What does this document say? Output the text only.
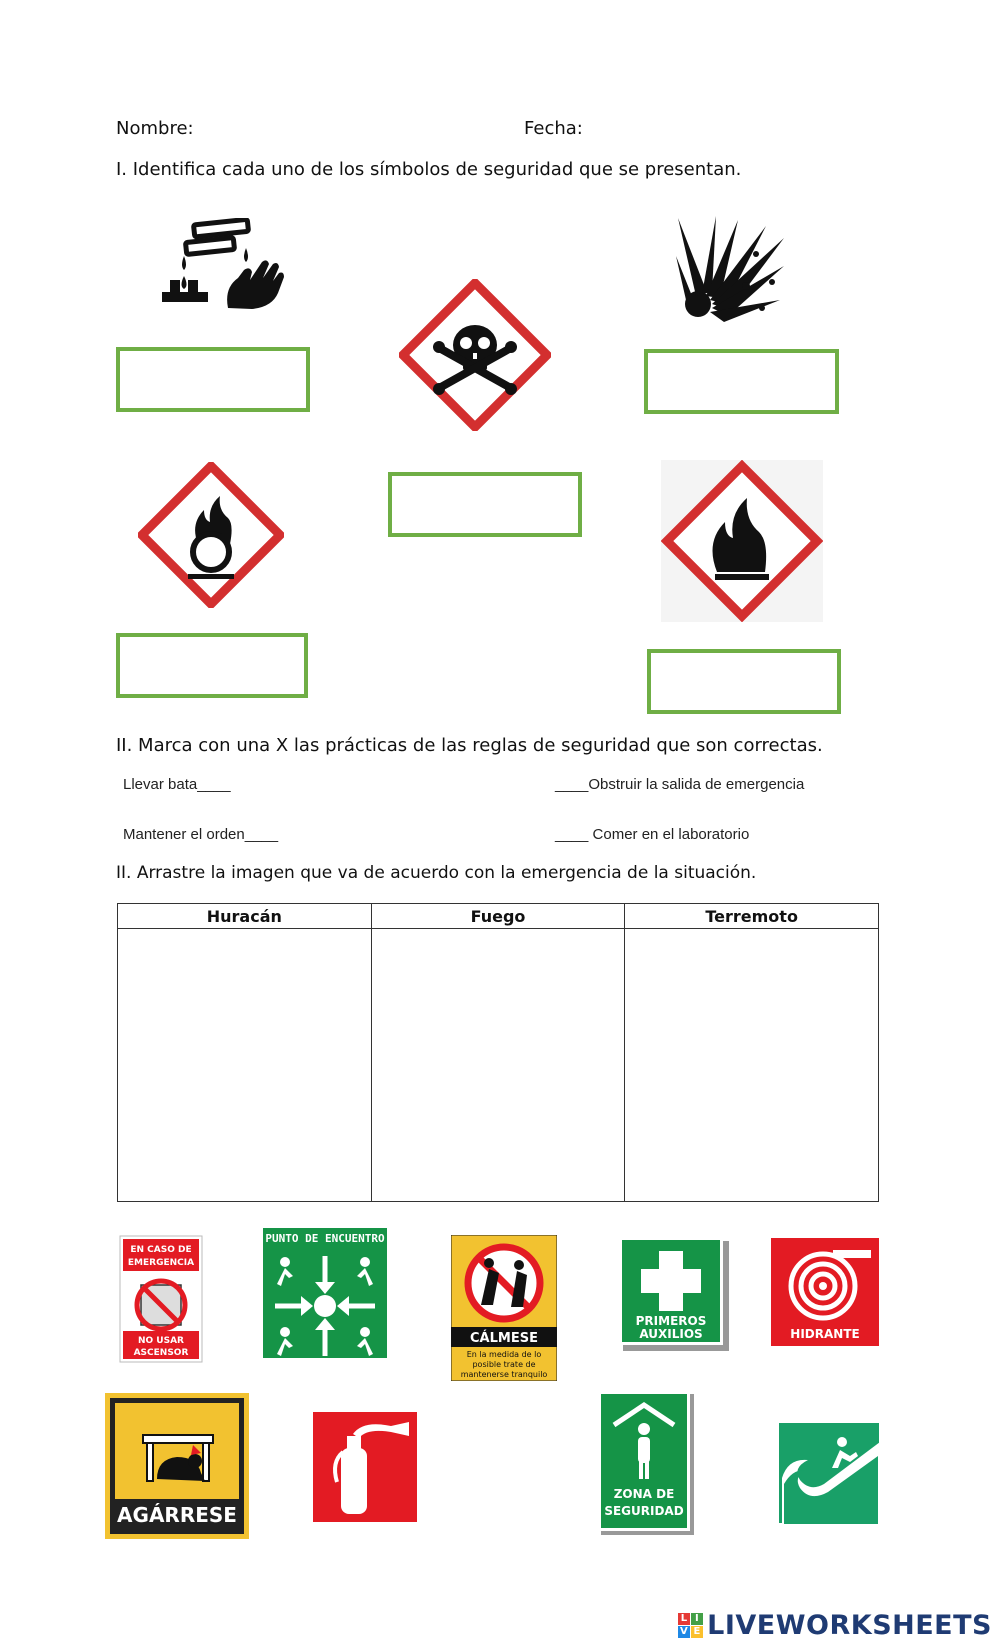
Nombre:	Fecha:
I. Identifica cada uno de los símbolos de seguridad que se presentan.
II. Marca con una X las prácticas de las reglas de seguridad que son correctas.
Llevar bata____	____Obstruir la salida de emergencia
Mantener el orden____	____ Comer en el laboratorio
II. Arrastre la imagen que va de acuerdo con la emergencia de la situación.
Huracán	Fuego	Terremoto

EN CASO DE
EMERGENCIA
NO USAR
ASCENSOR
PUNTO DE ENCUENTRO
CÁLMESE
En la medida de lo
posible trate de
mantenerse tranquilo
PRIMEROS
AUXILIOS	HIDRANTE
AGÁRRESE
ZONA DE
SEGURIDAD
L I
V E LIVEWORKSHEETS
